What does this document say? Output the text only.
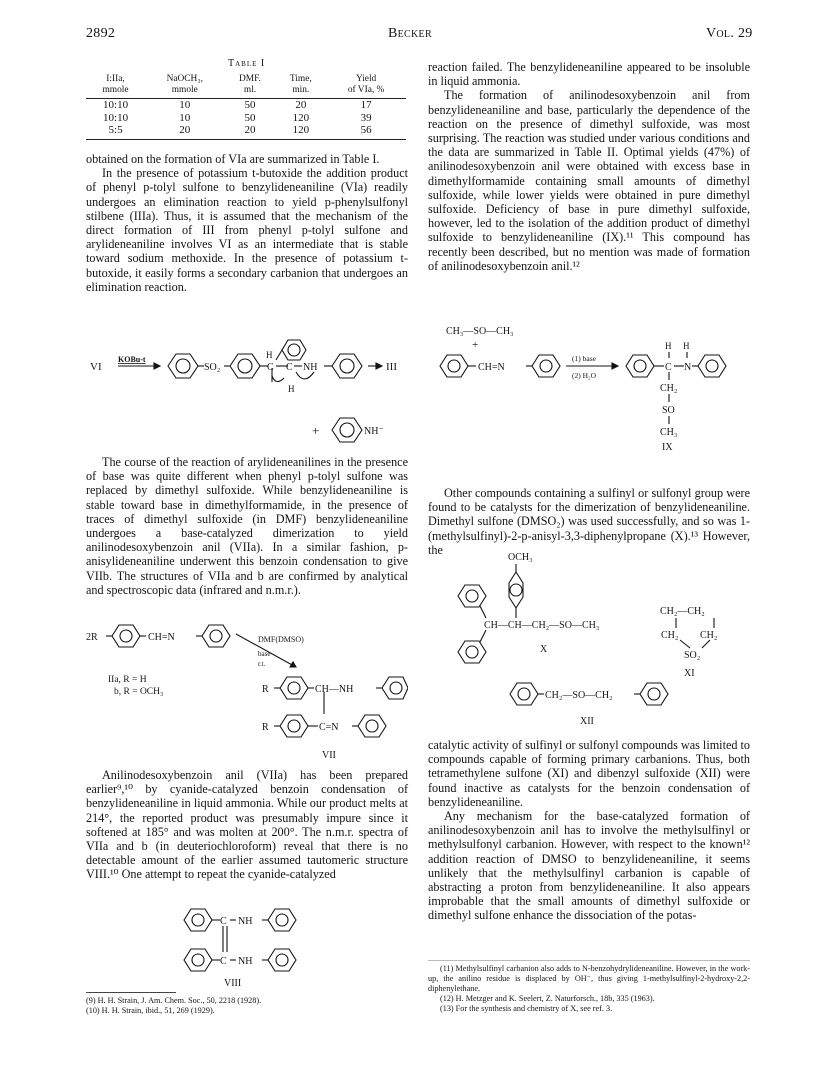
2892	Becker	Vol. 29
Table I
I:IIa,	NaOCH₃,	DMF.	Time,	Yield
mmole	mmole	ml.	min.	of VIa, %
10:10	10	50	20	17
10:10	10	50	120	39
5:5	20	20	120	56

obtained on the formation of VIa are summarized in Table I.

In the presence of potassium t-butoxide the addition product of phenyl p-tolyl sulfone to benzylideneaniline (VIa) readily undergoes an elimination reaction to yield p-phenylsulfonyl stilbene (IIIa). Thus, it is assumed that the mechanism of the direct formation of III from phenyl p-tolyl sulfone and arylideneaniline involves VI as an intermediate that is stable toward sodium methoxide. In the presence of potassium t-butoxide, it easily forms a secondary carbanion that undergoes an elimination reaction.

VI
KOBu-t
SO₂	C C
H
H
NH	III
+	NH⁻

The course of the reaction of arylideneanilines in the presence of base was quite different when phenyl p-tolyl sulfone was replaced by dimethyl sulfoxide. While benzylideneaniline is stable toward base in dimethylformamide, in the presence of traces of dimethyl sulfoxide (in DMF) benzylideneaniline undergoes a base-catalyzed dimerization to yield anilinodesoxybenzoin anil (VIIa). In a similar fashion, p-anisylideneaniline underwent this benzoin condensation to give VIIb. The structures of VIIa and b are confirmed by analytical and spectroscopic data (infrared and n.m.r.).

2R	CH=N	DMF(DMSO)
base
r.t.
IIa, R = H
b, R = OCH₃	R	CH—NH
R	C=N
VII

Anilinodesoxybenzoin anil (VIIa) has been prepared earlier⁹,¹⁰ by cyanide-catalyzed benzoin condensation of benzylideneaniline in liquid ammonia. While our product melts at 214°, the reported product was presumably impure since it softened at 185° and was molten at 200°. The n.m.r. spectra of VIIa and b (in deuteriochloroform) reveal that there is no detectable amount of the earlier assumed tautomeric structure VIII.¹⁰ One attempt to repeat the cyanide-catalyzed

C NH
C NH
VIII
(9) H. H. Strain, J. Am. Chem. Soc., 50, 2218 (1928).
(10) H. H. Strain, ibid., 51, 269 (1929).

reaction failed. The benzylideneaniline appeared to be insoluble in liquid ammonia.

The formation of anilinodesoxybenzoin anil from benzylideneaniline and base, particularly the dependence of the reaction on the presence of dimethyl sulfoxide, was most surprising. The reaction was studied under various conditions and the data are summarized in Table II. Optimal yields (47%) of anilinodesoxybenzoin anil were obtained with excess base in dimethylformamide containing small amounts of dimethyl sulfoxide, while lower yields were obtained in pure dimethyl sulfoxide. Deficiency of base in pure dimethyl sulfoxide, however, led to the isolation of the addition product of dimethyl sulfoxide to benzylideneaniline (IX).¹¹ This compound has recently been described, but no mention was made of formation of anilinodesoxybenzoin anil.¹²

CH₃—SO—CH₃
+
CH=N
(1) base
(2) H₂O
H H
C N
CH₂
SO
CH₃
IX

Other compounds containing a sulfinyl or sulfonyl group were found to be catalysts for the dimerization of benzylideneaniline. Dimethyl sulfone (DMSO₂) was used successfully, and so was 1-(methylsulfinyl)-2-p-anisyl-3,3-diphenylpropane (X).¹³ However, the

OCH₃
CH—CH—CH₂—SO—CH₃
X
CH₂—CH₂
CH₂ CH₂
SO₂
XI
CH₂—SO—CH₂
XII

catalytic activity of sulfinyl or sulfonyl compounds was limited to compounds capable of forming primary carbanions. Thus, both tetramethylene sulfone (XI) and dibenzyl sulfoxide (XII) were found inactive as catalysts for the benzoin condensation of benzylideneaniline.

Any mechanism for the base-catalyzed formation of anilinodesoxybenzoin anil has to involve the methylsulfinyl or methylsulfonyl carbanion. However, with respect to the known¹² addition reaction of DMSO to benzylideneaniline, it seems unlikely that the methylsulfinyl carbanion is capable of abstracting a proton from benzylideneaniline. It also appears improbable that the small amounts of dimethyl sulfoxide or dimethyl sulfone enhance the dissociation of the potas-

(11) Methylsulfinyl carbanion also adds to N-benzohydrylideneaniline. However, in the work-up, the anilino residue is displaced by OH⁻, thus giving 1-methylsulfinyl-2-hydroxy-2,2-diphenylethane.
(12) H. Metzger and K. Seelert, Z. Naturforsch., 18b, 335 (1963).
(13) For the synthesis and chemistry of X, see ref. 3.
